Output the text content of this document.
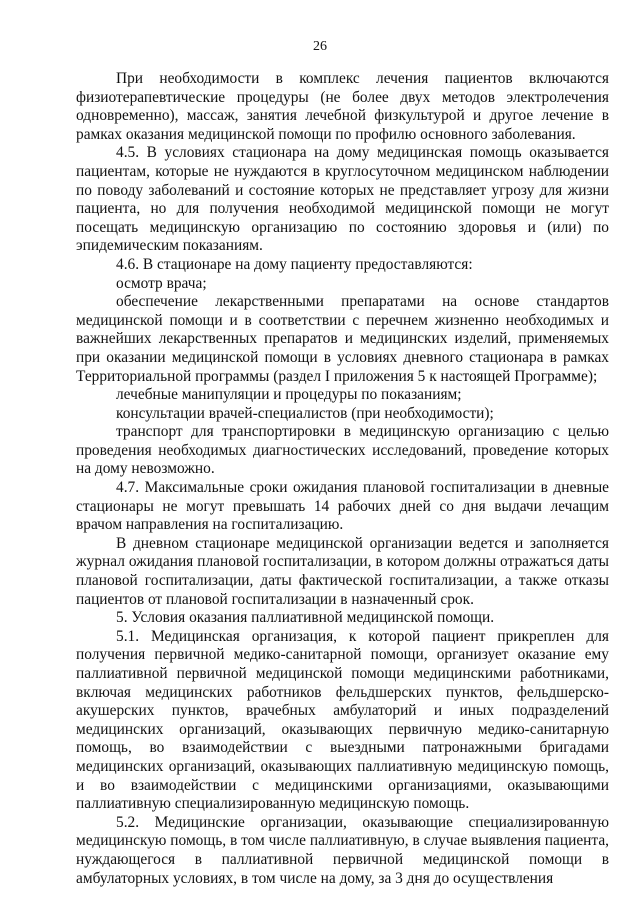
26

При необходимости в комплекс лечения пациентов включаются физиотерапевтические процедуры (не более двух методов электролечения одновременно), массаж, занятия лечебной физкультурой и другое лечение в рамках оказания медицинской помощи по профилю основного заболевания.

4.5. В условиях стационара на дому медицинская помощь оказывается пациентам, которые не нуждаются в круглосуточном медицинском наблюдении по поводу заболеваний и состояние которых не представляет угрозу для жизни пациента, но для получения необходимой медицинской помощи не могут посещать медицинскую организацию по состоянию здоровья и (или) по эпидемическим показаниям.

4.6. В стационаре на дому пациенту предоставляются:

осмотр врача;

обеспечение лекарственными препаратами на основе стандартов медицинской помощи и в соответствии с перечнем жизненно необходимых и важнейших лекарственных препаратов и медицинских изделий, применяемых при оказании медицинской помощи в условиях дневного стационара в рамках Территориальной программы (раздел I приложения 5 к настоящей Программе);

лечебные манипуляции и процедуры по показаниям;

консультации врачей-специалистов (при необходимости);

транспорт для транспортировки в медицинскую организацию с целью проведения необходимых диагностических исследований, проведение которых на дому невозможно.

4.7. Максимальные сроки ожидания плановой госпитализации в дневные стационары не могут превышать 14 рабочих дней со дня выдачи лечащим врачом направления на госпитализацию.

В дневном стационаре медицинской организации ведется и заполняется журнал ожидания плановой госпитализации, в котором должны отражаться даты плановой госпитализации, даты фактической госпитализации, а также отказы пациентов от плановой госпитализации в назначенный срок.

5. Условия оказания паллиативной медицинской помощи.

5.1. Медицинская организация, к которой пациент прикреплен для получения первичной медико-санитарной помощи, организует оказание ему паллиативной первичной медицинской помощи медицинскими работниками, включая медицинских работников фельдшерских пунктов, фельдшерско-акушерских пунктов, врачебных амбулаторий и иных подразделений медицинских организаций, оказывающих первичную медико-санитарную помощь, во взаимодействии с выездными патронажными бригадами медицинских организаций, оказывающих паллиативную медицинскую помощь, и во взаимодействии с медицинскими организациями, оказывающими паллиативную специализированную медицинскую помощь.

5.2. Медицинские организации, оказывающие специализированную медицинскую помощь, в том числе паллиативную, в случае выявления пациента, нуждающегося в паллиативной первичной медицинской помощи в амбулаторных условиях, в том числе на дому, за 3 дня до осуществления
